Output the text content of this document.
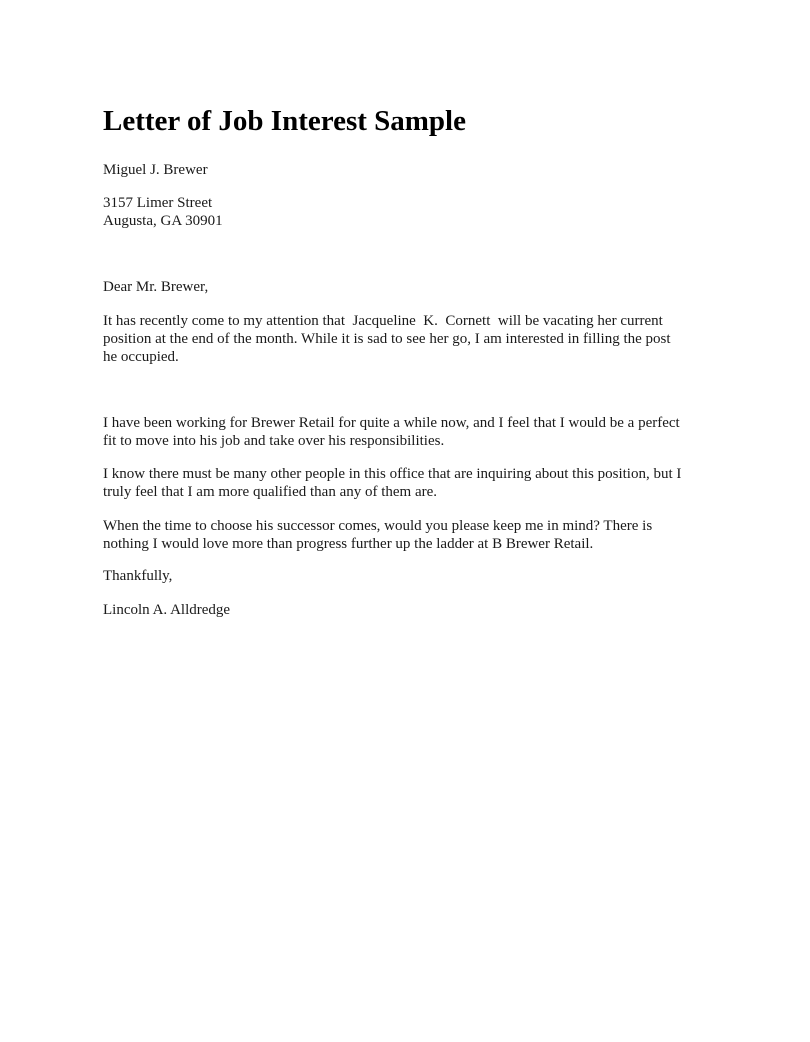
Letter of Job Interest Sample

Miguel J. Brewer

3157 Limer Street
Augusta, GA 30901

Dear Mr. Brewer,

It has recently come to my attention that  Jacqueline  K.  Cornett  will be vacating her current
position at the end of the month. While it is sad to see her go, I am interested in filling the post
he occupied.
I have been working for Brewer Retail for quite a while now, and I feel that I would be a perfect
fit to move into his job and take over his responsibilities.
I know there must be many other people in this office that are inquiring about this position, but I
truly feel that I am more qualified than any of them are.
When the time to choose his successor comes, would you please keep me in mind? There is
nothing I would love more than progress further up the ladder at B Brewer Retail.

Thankfully,

Lincoln A. Alldredge
